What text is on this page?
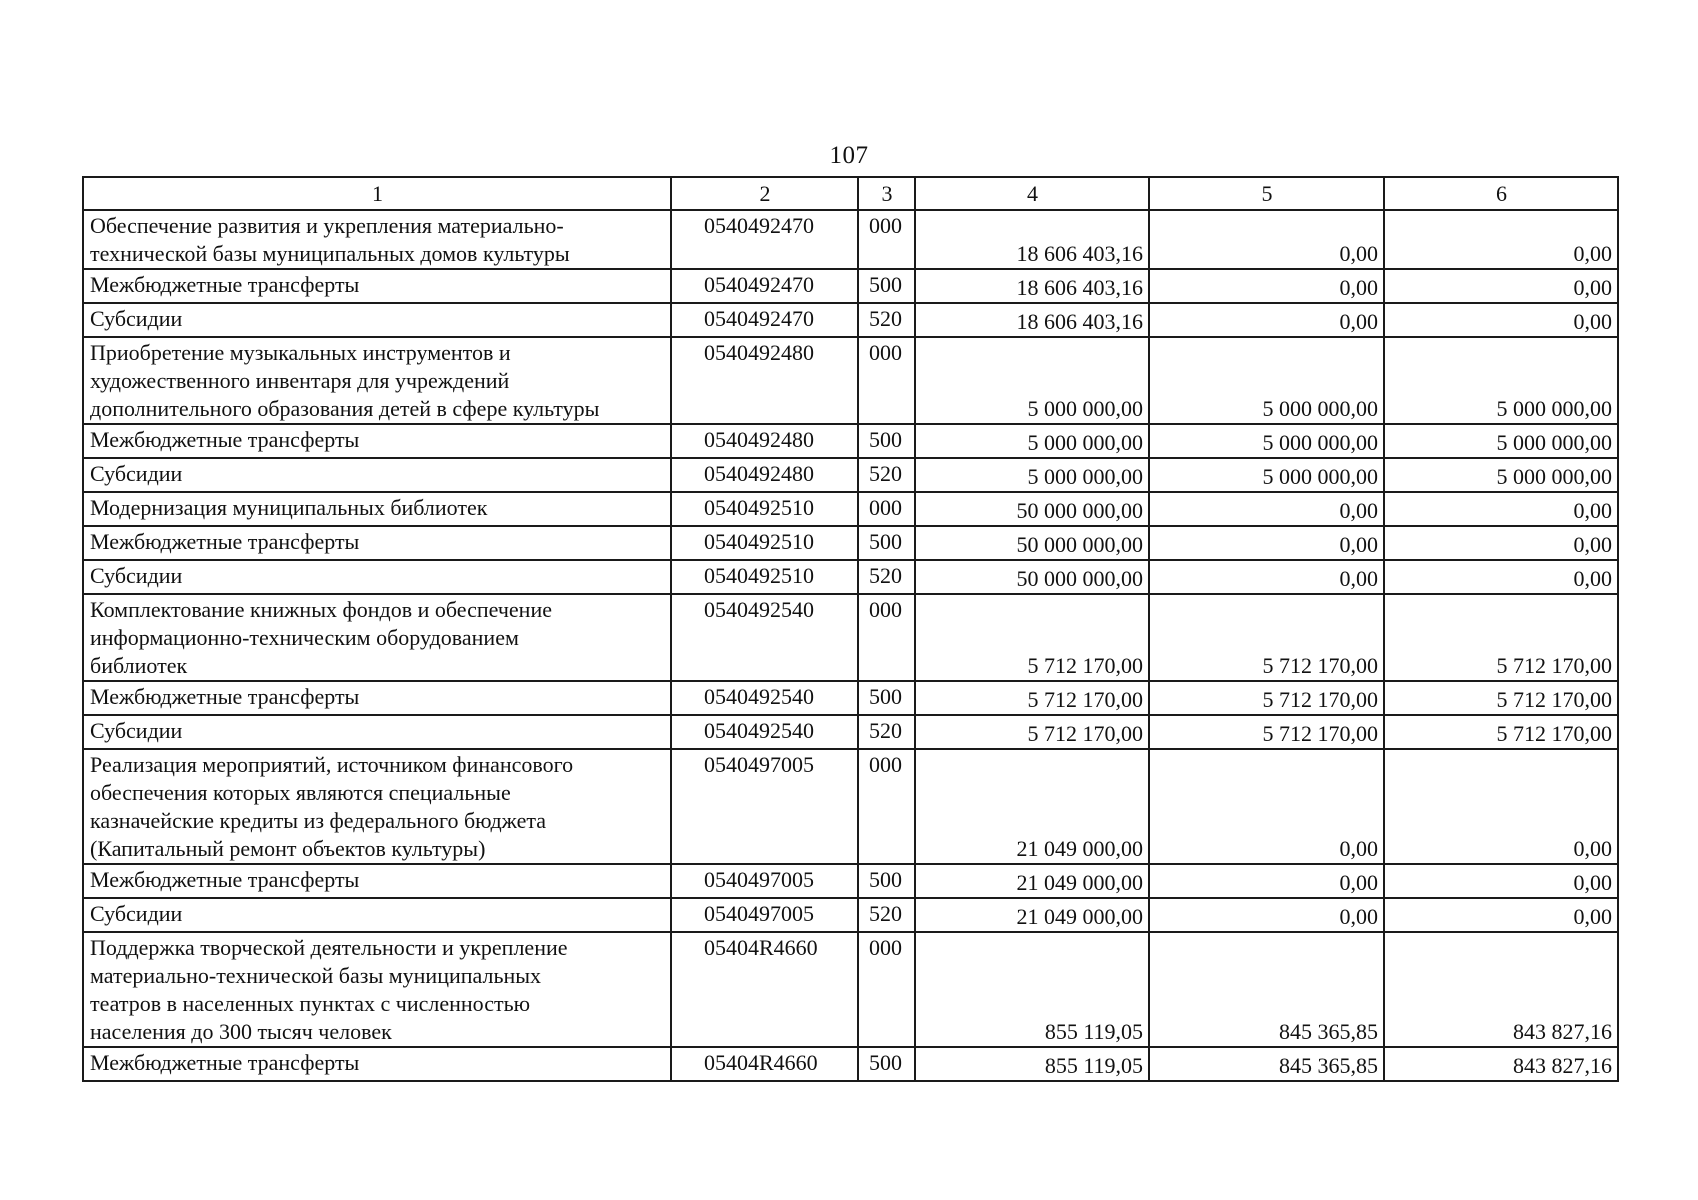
107
1	2	3	4	5	6
Обеспечение развития и укрепления материально-
технической базы муниципальных домов культуры	0540492470	000	18 606 403,16	0,00	0,00
Межбюджетные трансферты	0540492470	500	18 606 403,16	0,00	0,00
Субсидии	0540492470	520	18 606 403,16	0,00	0,00
Приобретение музыкальных инструментов и
художественного инвентаря для учреждений
дополнительного образования детей в сфере культуры	0540492480	000	5 000 000,00	5 000 000,00	5 000 000,00
Межбюджетные трансферты	0540492480	500	5 000 000,00	5 000 000,00	5 000 000,00
Субсидии	0540492480	520	5 000 000,00	5 000 000,00	5 000 000,00
Модернизация муниципальных библиотек	0540492510	000	50 000 000,00	0,00	0,00
Межбюджетные трансферты	0540492510	500	50 000 000,00	0,00	0,00
Субсидии	0540492510	520	50 000 000,00	0,00	0,00
Комплектование книжных фондов и обеспечение
информационно-техническим оборудованием
библиотек	0540492540	000	5 712 170,00	5 712 170,00	5 712 170,00
Межбюджетные трансферты	0540492540	500	5 712 170,00	5 712 170,00	5 712 170,00
Субсидии	0540492540	520	5 712 170,00	5 712 170,00	5 712 170,00
Реализация мероприятий, источником финансового
обеспечения которых являются специальные
казначейские кредиты из федерального бюджета
(Капитальный ремонт объектов культуры)	0540497005	000	21 049 000,00	0,00	0,00
Межбюджетные трансферты	0540497005	500	21 049 000,00	0,00	0,00
Субсидии	0540497005	520	21 049 000,00	0,00	0,00
Поддержка творческой деятельности и укрепление
материально-технической базы муниципальных
театров в населенных пунктах с численностью
населения до 300 тысяч человек	05404R4660	000	855 119,05	845 365,85	843 827,16
Межбюджетные трансферты	05404R4660	500	855 119,05	845 365,85	843 827,16
